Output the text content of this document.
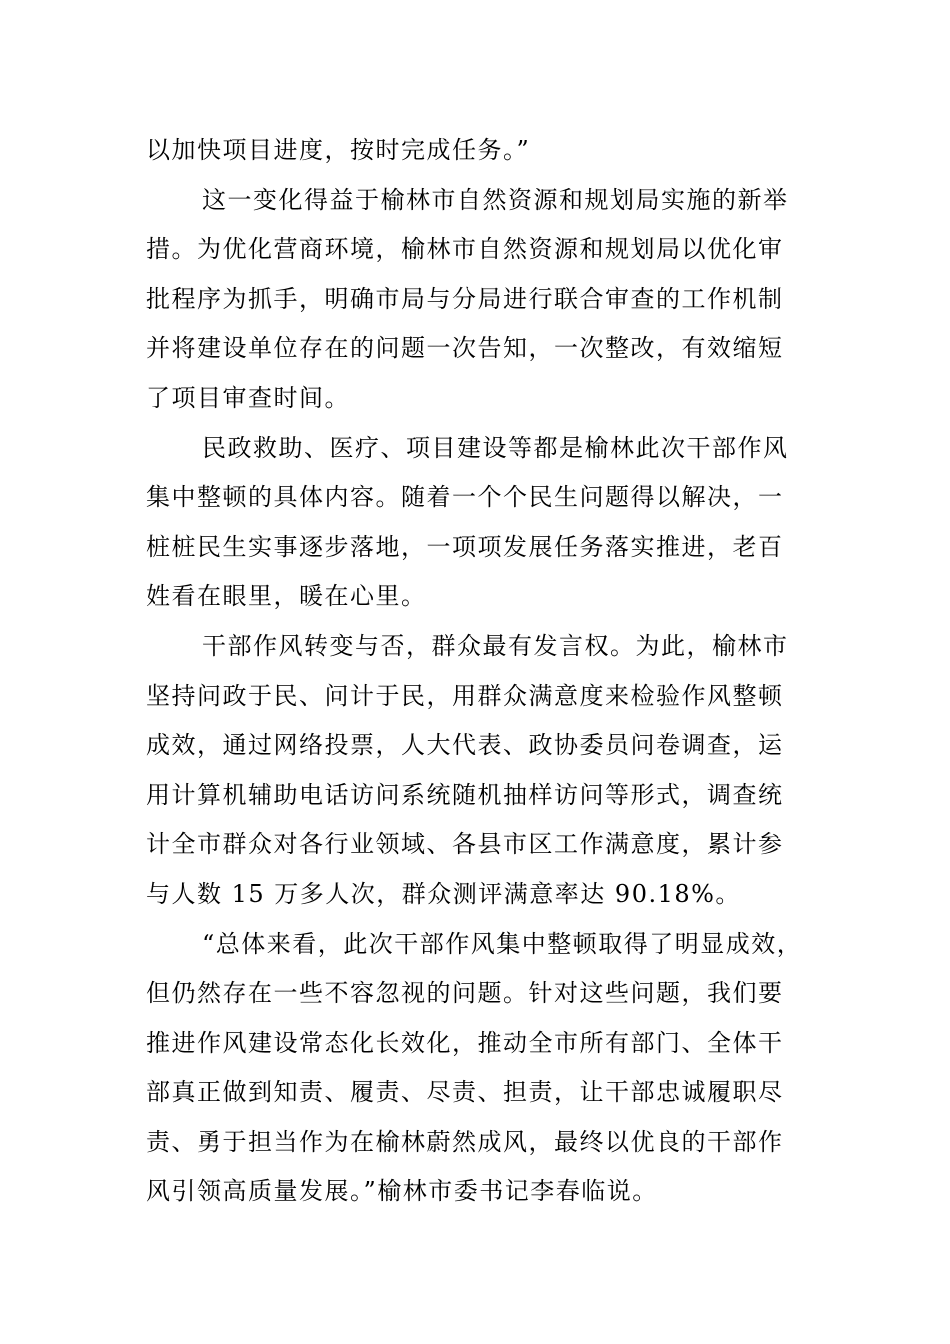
以加快项目进度，按时完成任务。”
这一变化得益于榆林市自然资源和规划局实施的新举
措。为优化营商环境，榆林市自然资源和规划局以优化审
批程序为抓手，明确市局与分局进行联合审查的工作机制
并将建设单位存在的问题一次告知，一次整改，有效缩短
了项目审查时间。
民政救助、医疗、项目建设等都是榆林此次干部作风
集中整顿的具体内容。随着一个个民生问题得以解决，一
桩桩民生实事逐步落地，一项项发展任务落实推进，老百
姓看在眼里，暖在心里。
干部作风转变与否，群众最有发言权。为此，榆林市
坚持问政于民、问计于民，用群众满意度来检验作风整顿
成效，通过网络投票，人大代表、政协委员问卷调查，运
用计算机辅助电话访问系统随机抽样访问等形式，调查统
计全市群众对各行业领域、各县市区工作满意度，累计参
与人数 15 万多人次，群众测评满意率达 90.18%。
“总体来看，此次干部作风集中整顿取得了明显成效，
但仍然存在一些不容忽视的问题。针对这些问题，我们要
推进作风建设常态化长效化，推动全市所有部门、全体干
部真正做到知责、履责、尽责、担责，让干部忠诚履职尽
责、勇于担当作为在榆林蔚然成风，最终以优良的干部作
风引领高质量发展。”榆林市委书记李春临说。
